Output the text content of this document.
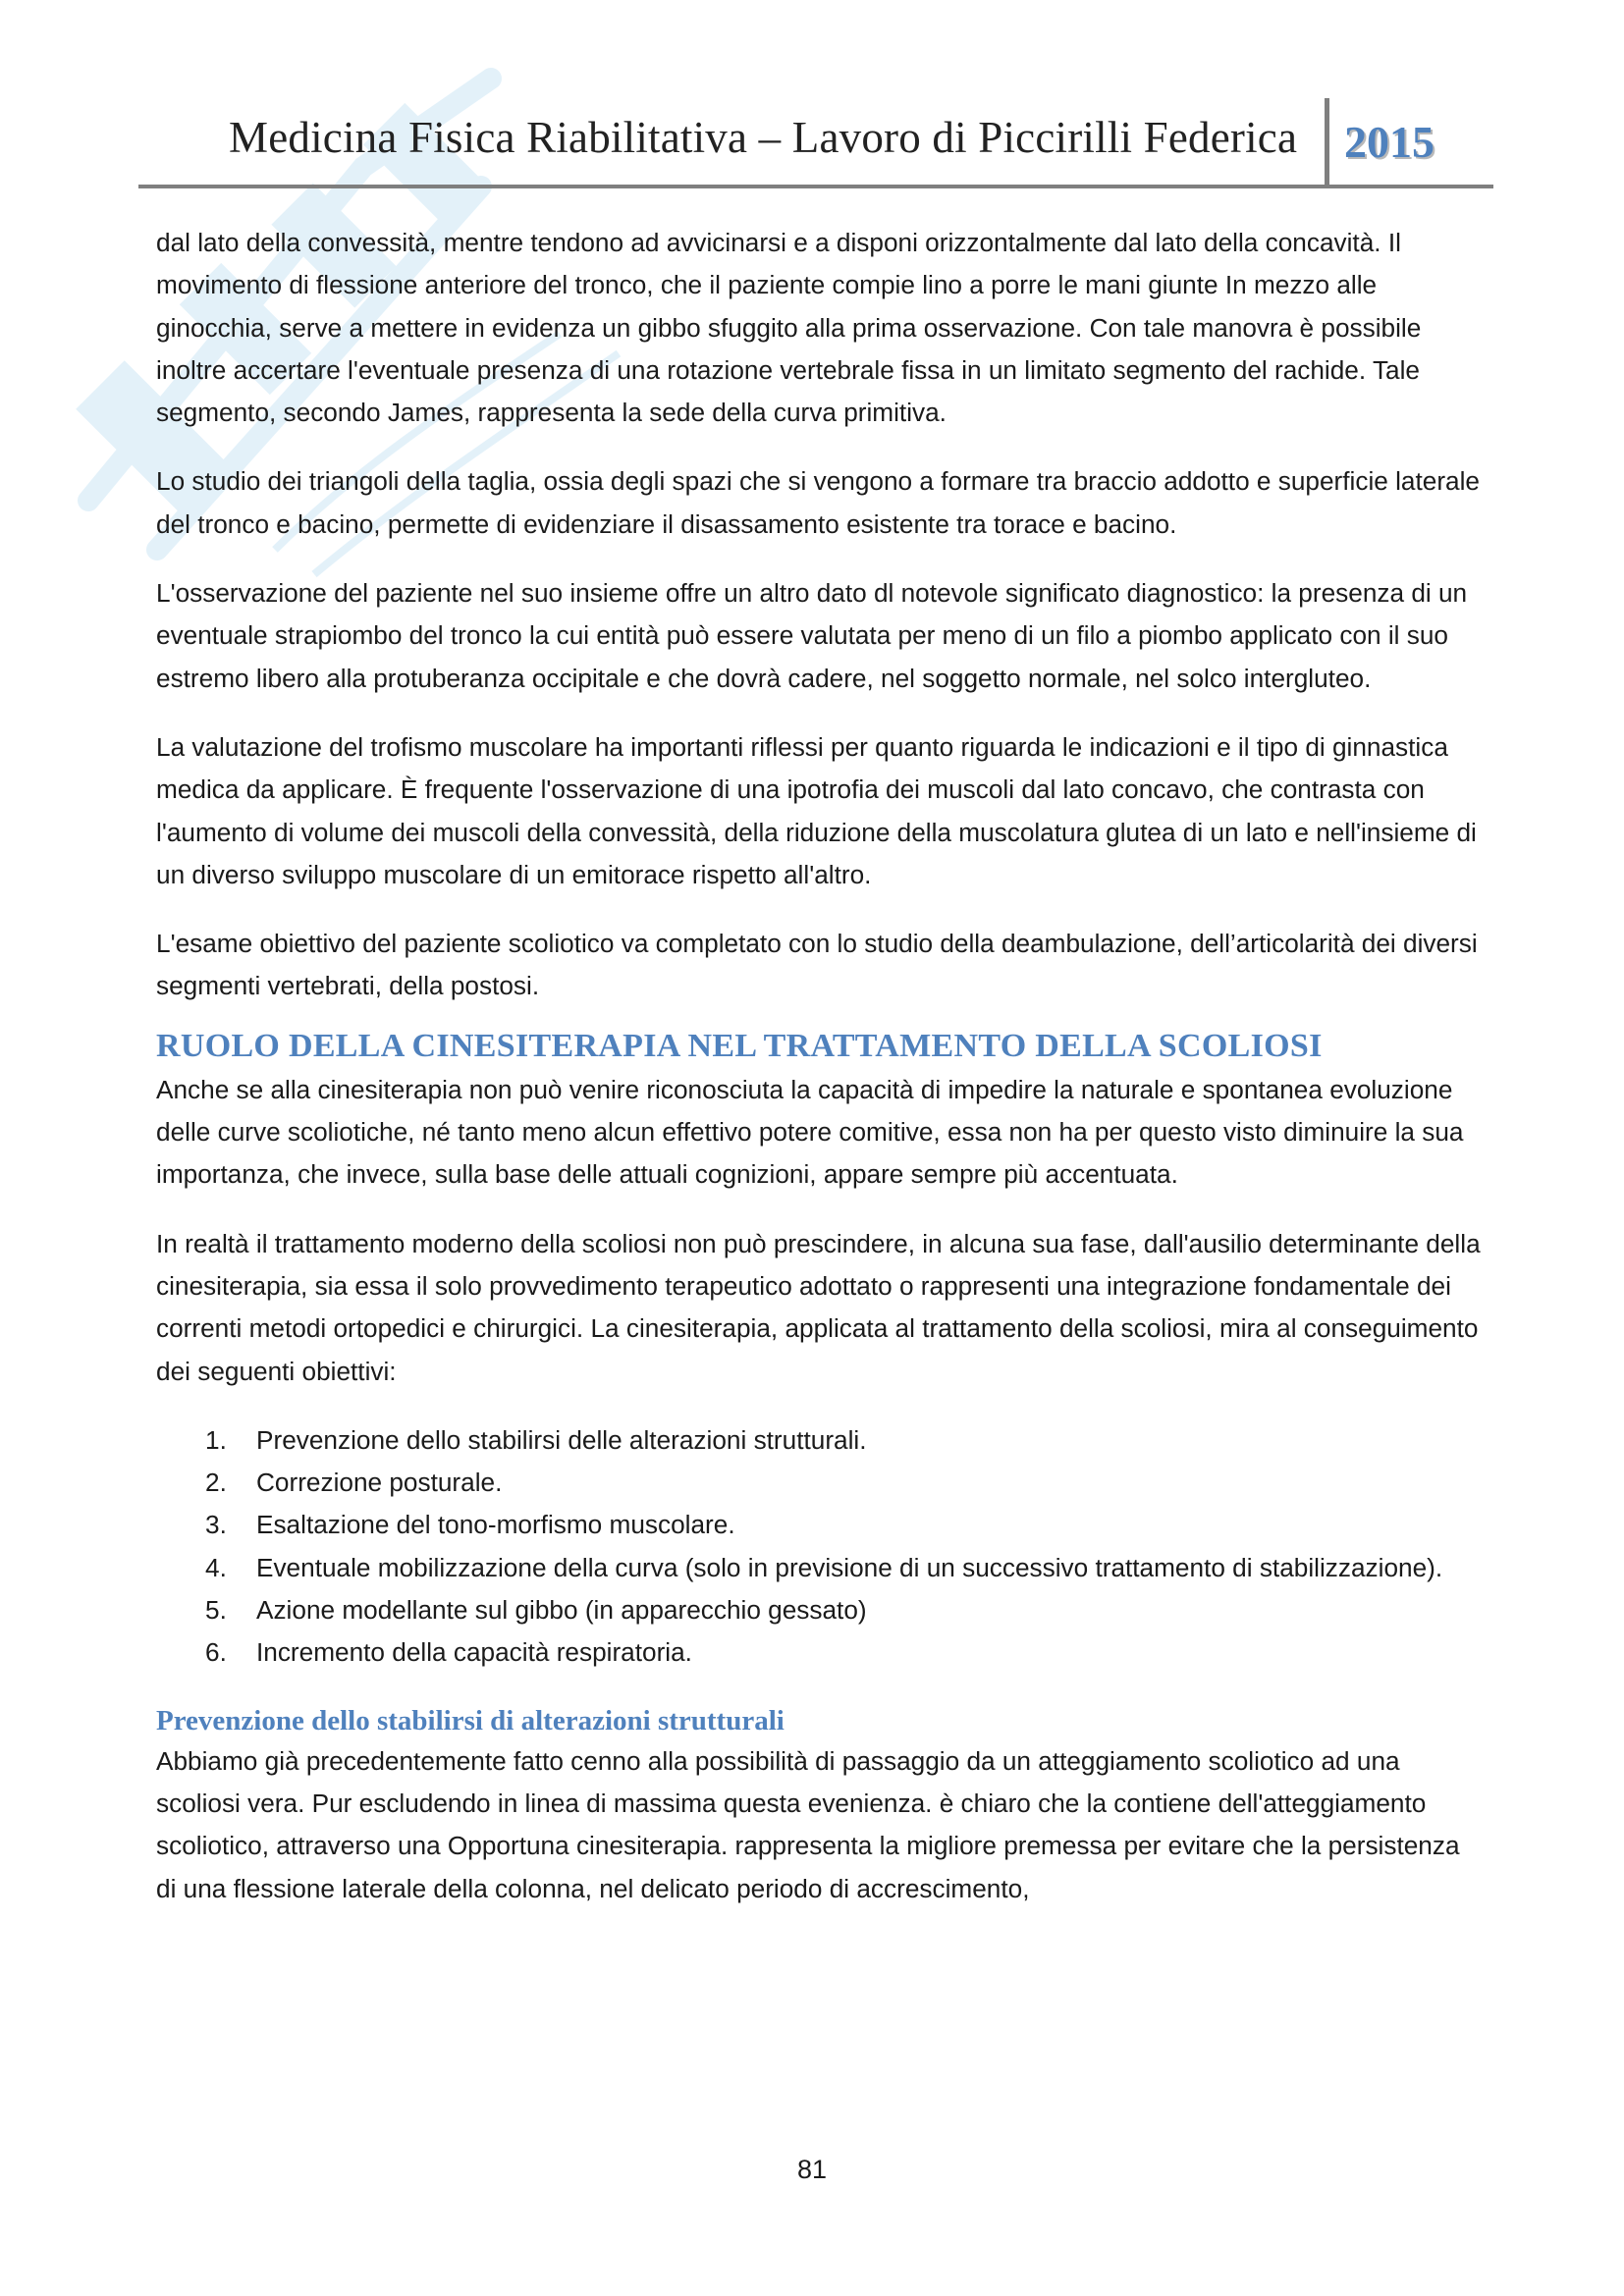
Medicina Fisica Riabilitativa – Lavoro di Piccirilli Federica 2015

dal lato della convessità, mentre tendono ad avvicinarsi e a disponi orizzontalmente dal lato della concavità. Il movimento di flessione anteriore del tronco, che il paziente compie lino a porre le mani giunte In mezzo alle ginocchia, serve a mettere in evidenza un gibbo sfuggito alla prima osservazione. Con tale manovra è possibile inoltre accertare l'eventuale presenza di una rotazione vertebrale fissa in un limitato segmento del rachide. Tale segmento, secondo James, rappresenta la sede della curva primitiva.

Lo studio dei triangoli della taglia, ossia degli spazi che si vengono a formare tra braccio addotto e superficie laterale del tronco e bacino, permette di evidenziare il disassamento esistente tra torace e bacino.

L'osservazione del paziente nel suo insieme offre un altro dato dl notevole significato diagnostico: la presenza di un eventuale strapiombo del tronco la cui entità può essere valutata per meno di un filo a piombo applicato con il suo estremo libero alla protuberanza occipitale e che dovrà cadere, nel soggetto normale, nel solco intergluteo.

La valutazione del trofismo muscolare ha importanti riflessi per quanto riguarda le indicazioni e il tipo di ginnastica medica da applicare. È frequente l'osservazione di una ipotrofia dei muscoli dal lato concavo, che contrasta con l'aumento di volume dei muscoli della convessità, della riduzione della muscolatura glutea di un lato e nell'insieme di un diverso sviluppo muscolare di un emitorace rispetto all'altro.

L'esame obiettivo del paziente scoliotico va completato con lo studio della deambulazione, dell’articolarità dei diversi segmenti vertebrati, della postosi.

RUOLO DELLA CINESITERAPIA NEL TRATTAMENTO DELLA SCOLIOSI

Anche se alla cinesiterapia non può venire riconosciuta la capacità di impedire la naturale e spontanea evoluzione delle curve scoliotiche, né tanto meno alcun effettivo potere comitive, essa non ha per questo visto diminuire la sua importanza, che invece, sulla base delle attuali cognizioni, appare sempre più accentuata.

In realtà il trattamento moderno della scoliosi non può prescindere, in alcuna sua fase, dall'ausilio determinante della cinesiterapia, sia essa il solo provvedimento terapeutico adottato o rappresenti una integrazione fondamentale dei correnti metodi ortopedici e chirurgici. La cinesiterapia, applicata al trattamento della scoliosi, mira al conseguimento dei seguenti obiettivi:

1. Prevenzione dello stabilirsi delle alterazioni strutturali.
2. Correzione posturale.
3. Esaltazione del tono-morfismo muscolare.
4. Eventuale mobilizzazione della curva (solo in previsione di un successivo trattamento di stabilizzazione).
5. Azione modellante sul gibbo (in apparecchio gessato)
6. Incremento della capacità respiratoria.
Prevenzione dello stabilirsi di alterazioni strutturali

Abbiamo già precedentemente fatto cenno alla possibilità di passaggio da un atteggiamento scoliotico ad una scoliosi vera. Pur escludendo in linea di massima questa evenienza. è chiaro che la contiene dell'atteggiamento scoliotico, attraverso una Opportuna cinesiterapia. rappresenta la migliore premessa per evitare che la persistenza di una flessione laterale della colonna, nel delicato periodo di accrescimento,

81
